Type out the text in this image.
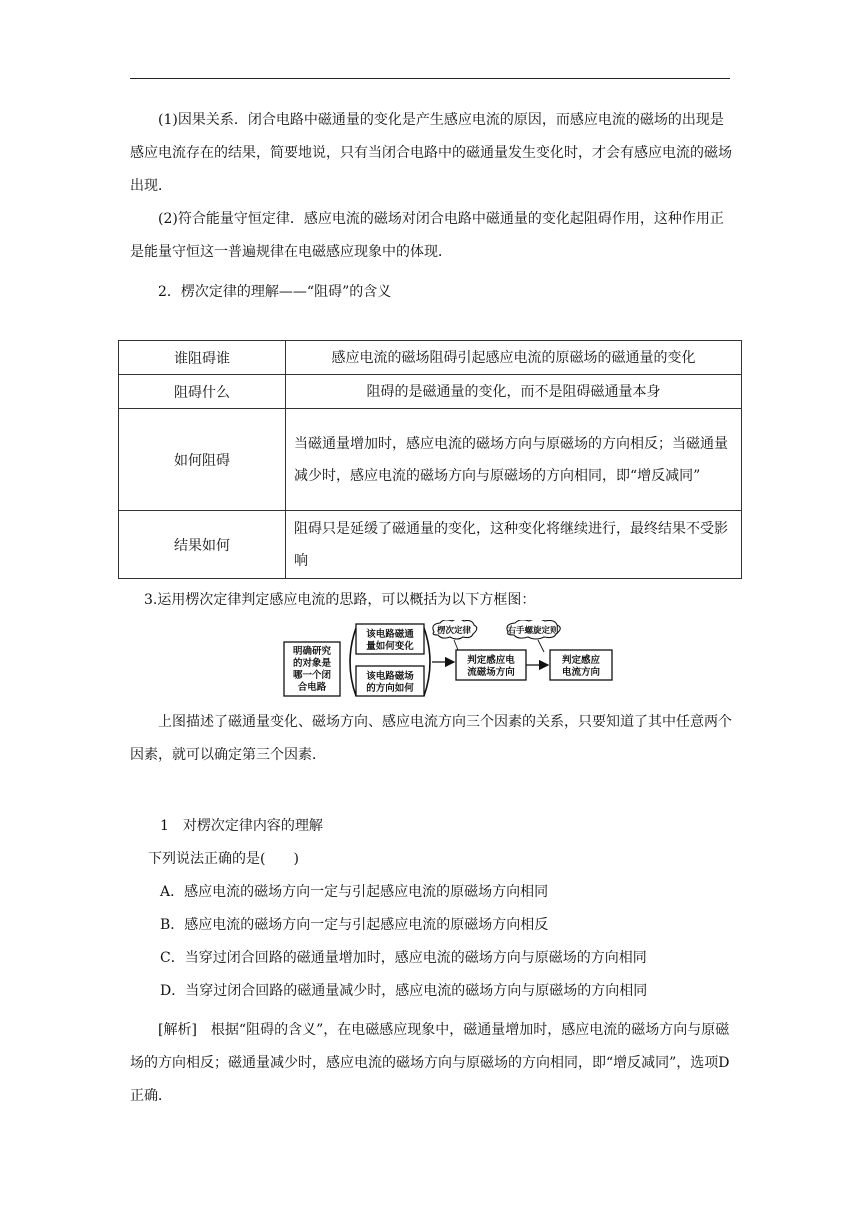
(1)因果关系．闭合电路中磁通量的变化是产生感应电流的原因，而感应电流的磁场的出现是感应电流存在的结果，简要地说，只有当闭合电路中的磁通量发生变化时，才会有感应电流的磁场出现．

(2)符合能量守恒定律．感应电流的磁场对闭合电路中磁通量的变化起阻碍作用，这种作用正是能量守恒这一普遍规律在电磁感应现象中的体现．

2．楞次定律的理解——“阻碍”的含义

谁阻碍谁	感应电流的磁场阻碍引起感应电流的原磁场的磁通量的变化
阻碍什么	阻碍的是磁通量的变化，而不是阻碍磁通量本身
如何阻碍	当磁通量增加时，感应电流的磁场方向与原磁场的方向相反；当磁通量减少时，感应电流的磁场方向与原磁场的方向相同，即“增反减同”
结果如何	阻碍只是延缓了磁通量的变化，这种变化将继续进行，最终结果不受影响

3.运用楞次定律判定感应电流的思路，可以概括为以下方框图：

明确研究
的对象是
哪一个闭
合电路
该电路磁通
量如何变化
该电路磁场
的方向如何
楞次定律
判定感应电
流磁场方向
右手螺旋定则
判定感应
电流方向

上图描述了磁通量变化、磁场方向、感应电流方向三个因素的关系，只要知道了其中任意两个因素，就可以确定第三个因素．

1　对楞次定律内容的理解

下列说法正确的是(　　)

A．感应电流的磁场方向一定与引起感应电流的原磁场方向相同

B．感应电流的磁场方向一定与引起感应电流的原磁场方向相反

C．当穿过闭合回路的磁通量增加时，感应电流的磁场方向与原磁场的方向相同

D．当穿过闭合回路的磁通量减少时，感应电流的磁场方向与原磁场的方向相同

[解析]　根据“阻碍的含义”，在电磁感应现象中，磁通量增加时，感应电流的磁场方向与原磁场的方向相反；磁通量减少时，感应电流的磁场方向与原磁场的方向相同，即“增反减同”，选项D正确．
